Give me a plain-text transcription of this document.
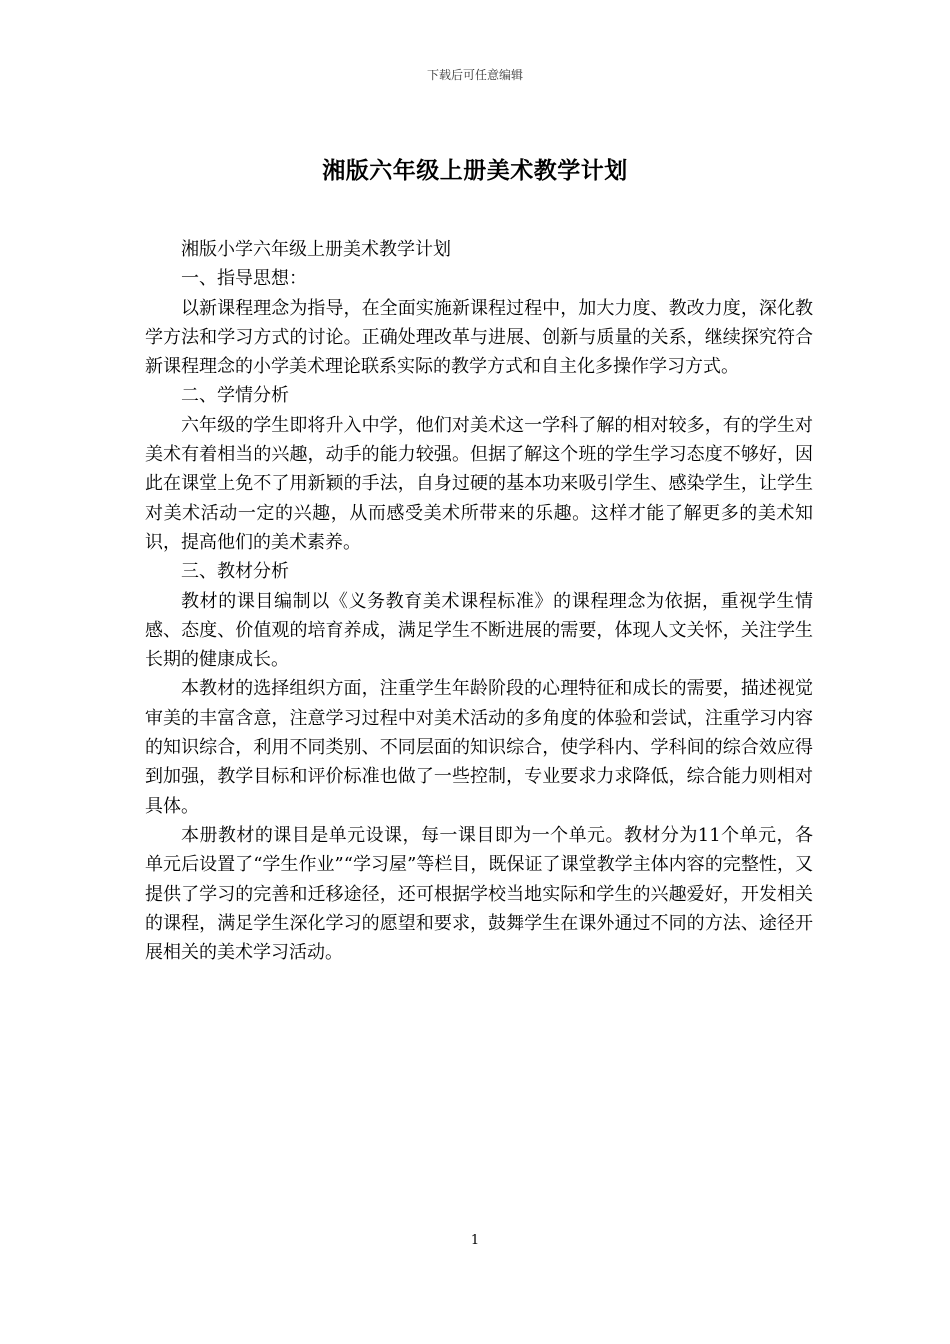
下载后可任意编辑
湘版六年级上册美术教学计划

湘版小学六年级上册美术教学计划

一、指导思想：

以新课程理念为指导，在全面实施新课程过程中，加大力度、教改力度，深化教学方法和学习方式的讨论。正确处理改革与进展、创新与质量的关系，继续探究符合新课程理念的小学美术理论联系实际的教学方式和自主化多操作学习方式。

二、学情分析

六年级的学生即将升入中学，他们对美术这一学科了解的相对较多，有的学生对美术有着相当的兴趣，动手的能力较强。但据了解这个班的学生学习态度不够好，因此在课堂上免不了用新颖的手法，自身过硬的基本功来吸引学生、感染学生，让学生对美术活动一定的兴趣，从而感受美术所带来的乐趣。这样才能了解更多的美术知识，提高他们的美术素养。

三、教材分析

教材的课目编制以《义务教育美术课程标准》的课程理念为依据，重视学生情感、态度、价值观的培育养成，满足学生不断进展的需要，体现人文关怀，关注学生长期的健康成长。

本教材的选择组织方面，注重学生年龄阶段的心理特征和成长的需要，描述视觉审美的丰富含意，注意学习过程中对美术活动的多角度的体验和尝试，注重学习内容的知识综合，利用不同类别、不同层面的知识综合，使学科内、学科间的综合效应得到加强，教学目标和评价标准也做了一些控制，专业要求力求降低，综合能力则相对具体。

本册教材的课目是单元设课，每一课目即为一个单元。教材分为11个单元，各单元后设置了“学生作业”“学习屋”等栏目，既保证了课堂教学主体内容的完整性，又提供了学习的完善和迁移途径，还可根据学校当地实际和学生的兴趣爱好，开发相关的课程，满足学生深化学习的愿望和要求，鼓舞学生在课外通过不同的方法、途径开展相关的美术学习活动。

1
